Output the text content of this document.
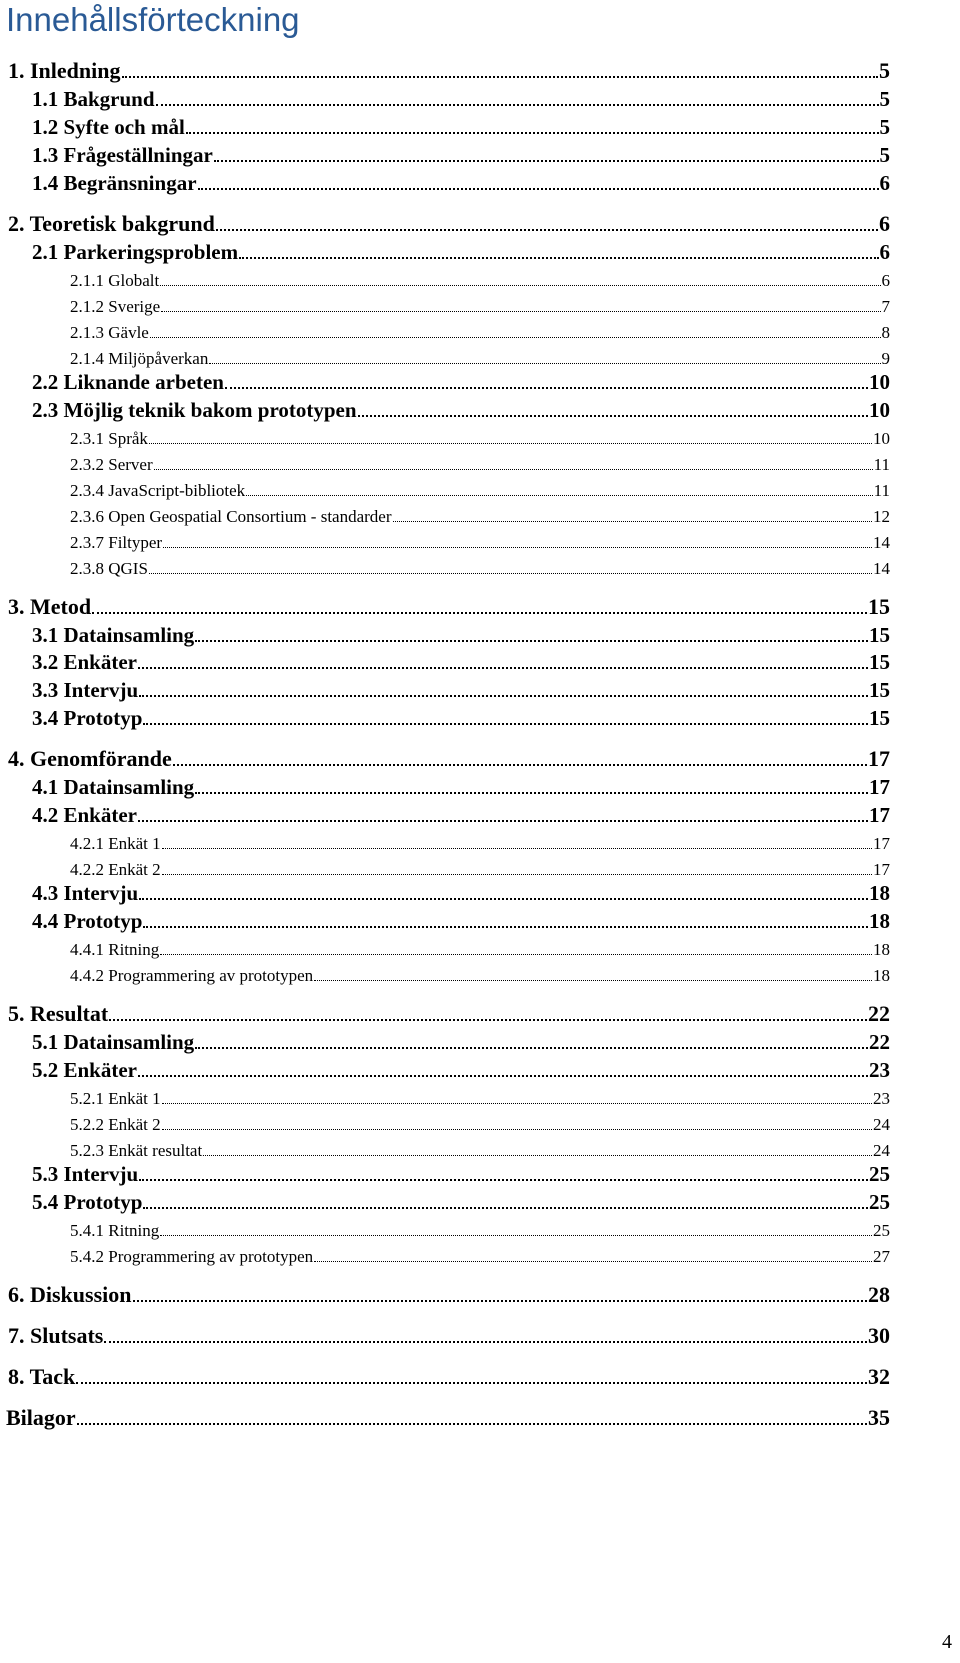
Innehållsförteckning
1. Inledning	5
1.1 Bakgrund	5
1.2 Syfte och mål	5
1.3 Frågeställningar	5
1.4 Begränsningar	6
2. Teoretisk bakgrund	6
2.1 Parkeringsproblem	6
2.1.1 Globalt	6
2.1.2 Sverige	7
2.1.3 Gävle	8
2.1.4 Miljöpåverkan	9
2.2 Liknande arbeten	10
2.3 Möjlig teknik bakom prototypen	10
2.3.1 Språk	10
2.3.2 Server	11
2.3.4 JavaScript-bibliotek	11
2.3.6 Open Geospatial Consortium - standarder	12
2.3.7 Filtyper	14
2.3.8 QGIS	14
3. Metod	15
3.1 Datainsamling	15
3.2 Enkäter	15
3.3 Intervju	15
3.4 Prototyp	15
4. Genomförande	17
4.1 Datainsamling	17
4.2 Enkäter	17
4.2.1 Enkät 1	17
4.2.2 Enkät 2	17
4.3 Intervju	18
4.4 Prototyp	18
4.4.1 Ritning	18
4.4.2 Programmering av prototypen	18
5. Resultat	22
5.1 Datainsamling	22
5.2 Enkäter	23
5.2.1 Enkät 1	23
5.2.2 Enkät 2	24
5.2.3 Enkät resultat	24
5.3 Intervju	25
5.4 Prototyp	25
5.4.1 Ritning	25
5.4.2 Programmering av prototypen	27
6. Diskussion	28
7. Slutsats	30
8. Tack	32
Bilagor	35
4
